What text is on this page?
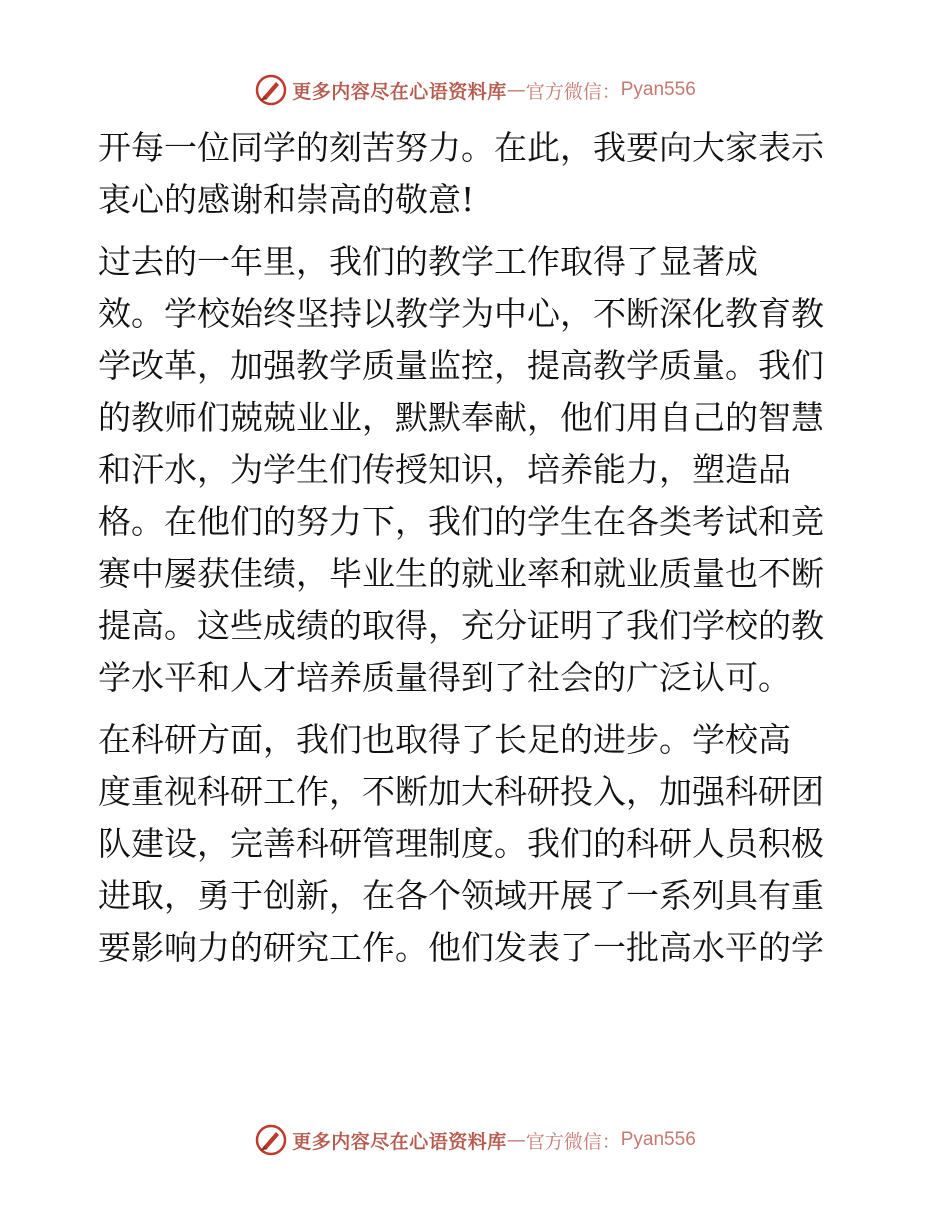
更多内容尽在心语资料库 — 官方微信： Pyan556
开每一位同学的刻苦努力。在此，我要向大家表示
衷心的感谢和崇高的敬意!
过去的一年里，我们的教学工作取得了显著成
效。学校始终坚持以教学为中心，不断深化教育教
学改革，加强教学质量监控，提高教学质量。我们
的教师们兢兢业业，默默奉献，他们用自己的智慧
和汗水，为学生们传授知识，培养能力，塑造品
格。在他们的努力下，我们的学生在各类考试和竞
赛中屡获佳绩，毕业生的就业率和就业质量也不断
提高。这些成绩的取得，充分证明了我们学校的教
学水平和人才培养质量得到了社会的广泛认可。
在科研方面，我们也取得了长足的进步。学校高
度重视科研工作，不断加大科研投入，加强科研团
队建设，完善科研管理制度。我们的科研人员积极
进取，勇于创新，在各个领域开展了一系列具有重
要影响力的研究工作。他们发表了一批高水平的学
更多内容尽在心语资料库 — 官方微信： Pyan556
